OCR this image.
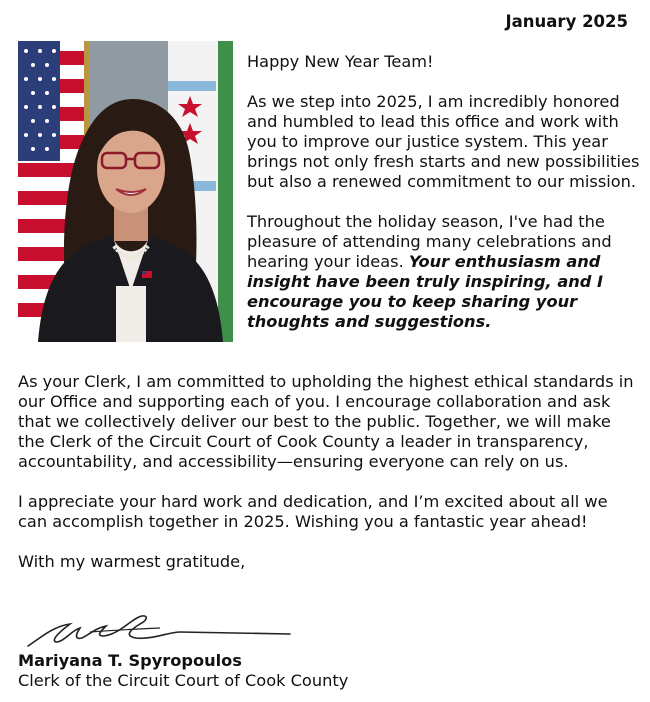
January 2025

Happy New Year Team!

As we step into 2025, I am incredibly honored and humbled to lead this office and work with you to improve our justice system. This year brings not only fresh starts and new possibilities but also a renewed commitment to our mission.

Throughout the holiday season, I've had the pleasure of attending many celebrations and hearing your ideas. Your enthusiasm and insight have been truly inspiring, and I encourage you to keep sharing your thoughts and suggestions.

As your Clerk, I am committed to upholding the highest ethical standards in our Office and supporting each of you. I encourage collaboration and ask that we collectively deliver our best to the public. Together, we will make the Clerk of the Circuit Court of Cook County a leader in transparency, accountability, and accessibility—ensuring everyone can rely on us.

I appreciate your hard work and dedication, and I’m excited about all we can accomplish together in 2025. Wishing you a fantastic year ahead!

With my warmest gratitude,

Mariyana T. Spyropoulos
Clerk of the Circuit Court of Cook County
